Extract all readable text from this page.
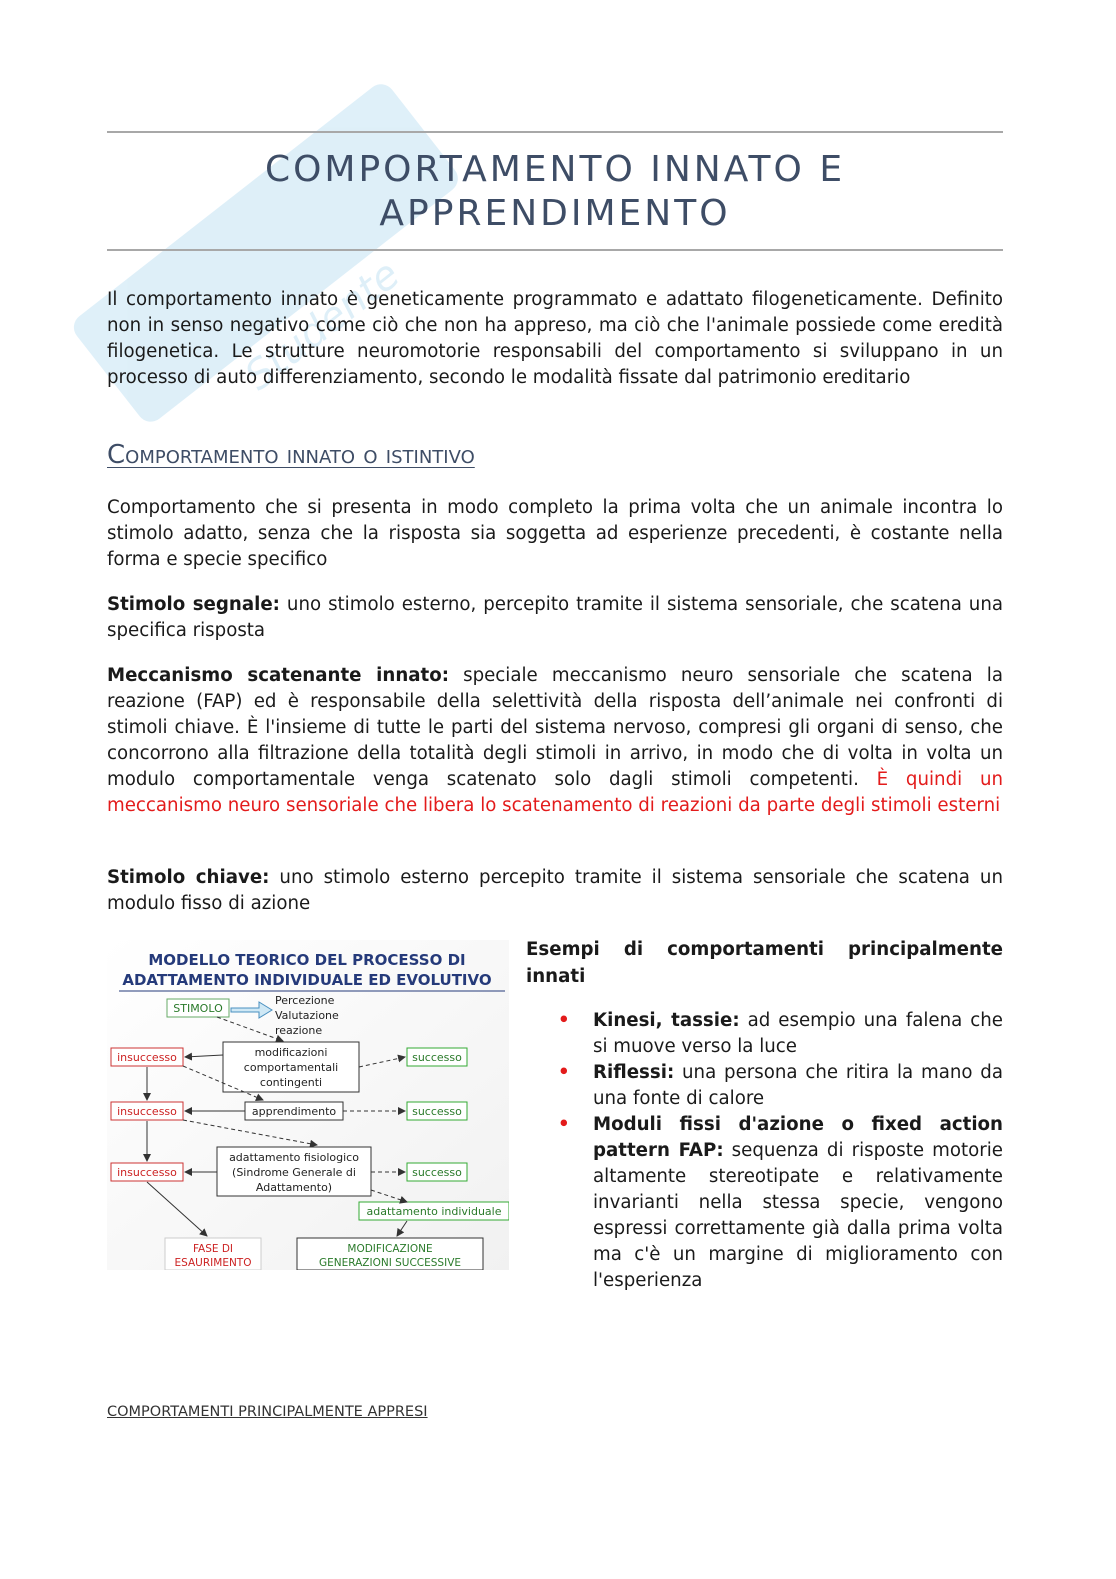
Studente
COMPORTAMENTO INNATO E APPRENDIMENTO

Il comportamento innato è geneticamente programmato e adattato filogeneticamente. Definito non in senso negativo come ciò che non ha appreso, ma ciò che l'animale possiede come eredità filogenetica. Le strutture neuromotorie responsabili del comportamento si sviluppano in un processo di auto differenziamento, secondo le modalità fissate dal patrimonio ereditario

Comportamento innato o istintivo

Comportamento che si presenta in modo completo la prima volta che un animale incontra lo stimolo adatto, senza che la risposta sia soggetta ad esperienze precedenti, è costante nella forma e specie specifico

Stimolo segnale: uno stimolo esterno, percepito tramite il sistema sensoriale, che scatena una specifica risposta

Meccanismo scatenante innato: speciale meccanismo neuro sensoriale che scatena la reazione (FAP) ed è responsabile della selettività della risposta dell’animale nei confronti di stimoli chiave. È l'insieme di tutte le parti del sistema nervoso, compresi gli organi di senso, che concorrono alla filtrazione della totalità degli stimoli in arrivo, in modo che di volta in volta un modulo comportamentale venga scatenato solo dagli stimoli competenti. È quindi un meccanismo neuro sensoriale che libera lo scatenamento di reazioni da parte degli stimoli esterni

Stimolo chiave: uno stimolo esterno percepito tramite il sistema sensoriale che scatena un modulo fisso di azione

MODELLO TEORICO DEL PROCESSO DI
ADATTAMENTO INDIVIDUALE ED EVOLUTIVO
STIMOLO
Percezione
Valutazione
reazione
insuccesso	modificazioni
comportamentali
contingenti
successo
insuccesso	apprendimento	successo
insuccesso
adattamento fisiologico
(Sindrome Generale di
Adattamento)
successo
adattamento individuale
FASE DI
ESAURIMENTO
MODIFICAZIONE
GENERAZIONI SUCCESSIVE

Esempi di comportamenti principalmente innati

• Kinesi, tassie: ad esempio una falena che si muove verso la luce
• Riflessi: una persona che ritira la mano da una fonte di calore
• Moduli fissi d'azione o fixed action pattern FAP: sequenza di risposte motorie altamente stereotipate e relativamente invarianti nella stessa specie, vengono espressi correttamente già dalla prima volta ma c'è un margine di miglioramento con l'esperienza
COMPORTAMENTI PRINCIPALMENTE APPRESI
